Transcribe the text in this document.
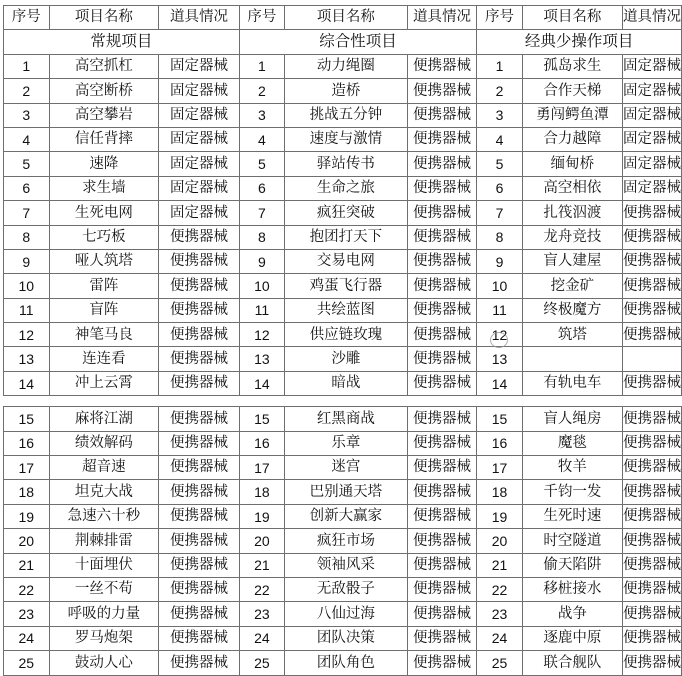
序号	项目名称	道具情况	序号	项目名称	道具情况	序号	项目名称	道具情况
常规项目			综合性项目			经典少操作项目		
1	高空抓杠	固定器械	1	动力绳圈	便携器械	1	孤岛求生	固定器械
2	高空断桥	固定器械	2	造桥	便携器械	2	合作天梯	固定器械
3	高空攀岩	固定器械	3	挑战五分钟	便携器械	3	勇闯鳄鱼潭	固定器械
4	信任背摔	固定器械	4	速度与激情	便携器械	4	合力越障	固定器械
5	速降	固定器械	5	驿站传书	便携器械	5	缅甸桥	固定器械
6	求生墙	固定器械	6	生命之旅	便携器械	6	高空相依	固定器械
7	生死电网	固定器械	7	疯狂突破	便携器械	7	扎筏泅渡	便携器械
8	七巧板	便携器械	8	抱团打天下	便携器械	8	龙舟竞技	便携器械
9	哑人筑塔	便携器械	9	交易电网	便携器械	9	盲人建屋	便携器械
10	雷阵	便携器械	10	鸡蛋飞行器	便携器械	10	挖金矿	便携器械
11	盲阵	便携器械	11	共绘蓝图	便携器械	11	终极魔方	便携器械
12	神笔马良	便携器械	12	供应链玫瑰	便携器械	12	筑塔	便携器械
13	连连看	便携器械	13	沙雕	便携器械	13		
14	冲上云霄	便携器械	14	暗战	便携器械	14	有轨电车	便携器械

15	麻将江湖	便携器械	15	红黑商战	便携器械	15	盲人绳房	便携器械
16	绩效解码	便携器械	16	乐章	便携器械	16	魔毯	便携器械
17	超音速	便携器械	17	迷宫	便携器械	17	牧羊	便携器械
18	坦克大战	便携器械	18	巴别通天塔	便携器械	18	千钧一发	便携器械
19	急速六十秒	便携器械	19	创新大赢家	便携器械	19	生死时速	便携器械
20	荆棘排雷	便携器械	20	疯狂市场	便携器械	20	时空隧道	便携器械
21	十面埋伏	便携器械	21	领袖风采	便携器械	21	偷天陷阱	便携器械
22	一丝不苟	便携器械	22	无敌骰子	便携器械	22	移桩接水	便携器械
23	呼吸的力量	便携器械	23	八仙过海	便携器械	23	战争	便携器械
24	罗马炮架	便携器械	24	团队决策	便携器械	24	逐鹿中原	便携器械
25	鼓动人心	便携器械	25	团队角色	便携器械	25	联合舰队	便携器械
